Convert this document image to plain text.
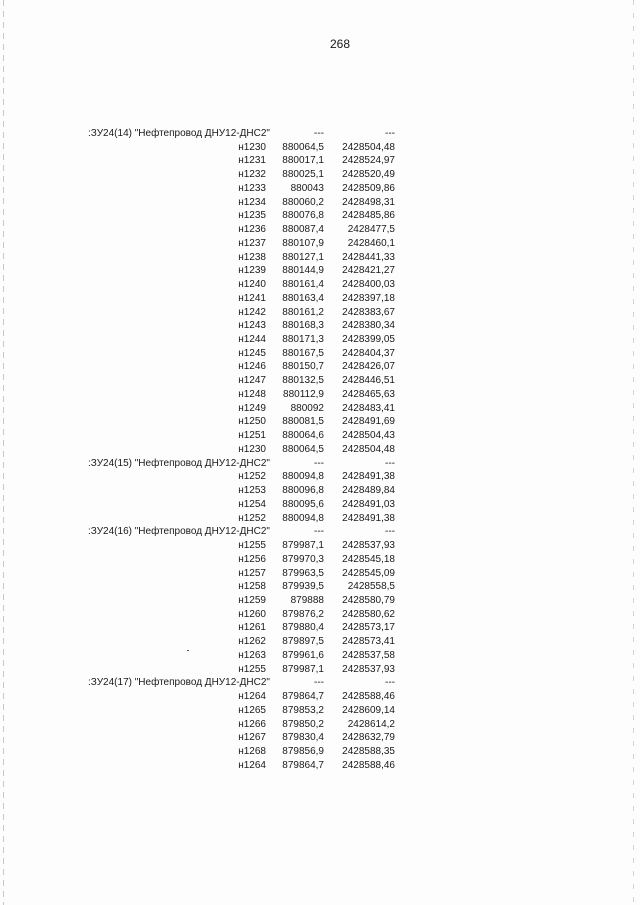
268
:ЗУ24(14) "Нефтепровод ДНУ12-ДНС2"	---	---
н1230 880064,5 2428504,48
н1231 880017,1 2428524,97
н1232 880025,1 2428520,49
н1233 880043 2428509,86
н1234 880060,2 2428498,31
н1235 880076,8 2428485,86
н1236 880087,4 2428477,5
н1237 880107,9 2428460,1
н1238 880127,1 2428441,33
н1239 880144,9 2428421,27
н1240 880161,4 2428400,03
н1241 880163,4 2428397,18
н1242 880161,2 2428383,67
н1243 880168,3 2428380,34
н1244 880171,3 2428399,05
н1245 880167,5 2428404,37
н1246 880150,7 2428426,07
н1247 880132,5 2428446,51
н1248 880112,9 2428465,63
н1249 880092 2428483,41
н1250 880081,5 2428491,69
н1251 880064,6 2428504,43
н1230 880064,5 2428504,48
:ЗУ24(15) "Нефтепровод ДНУ12-ДНС2"	---	---
н1252 880094,8 2428491,38
н1253 880096,8 2428489,84
н1254 880095,6 2428491,03
н1252 880094,8 2428491,38
:ЗУ24(16) "Нефтепровод ДНУ12-ДНС2"	---	---
н1255 879987,1 2428537,93
н1256 879970,3 2428545,18
н1257 879963,5 2428545,09
н1258 879939,5 2428558,5
н1259 879888 2428580,79
н1260 879876,2 2428580,62
н1261 879880,4 2428573,17
н1262 879897,5 2428573,41
н1263 879961,6 2428537,58
н1255 879987,1 2428537,93
:ЗУ24(17) "Нефтепровод ДНУ12-ДНС2"	---	---
н1264 879864,7 2428588,46
н1265 879853,2 2428609,14
н1266 879850,2 2428614,2
н1267 879830,4 2428632,79
н1268 879856,9 2428588,35
н1264 879864,7 2428588,46
